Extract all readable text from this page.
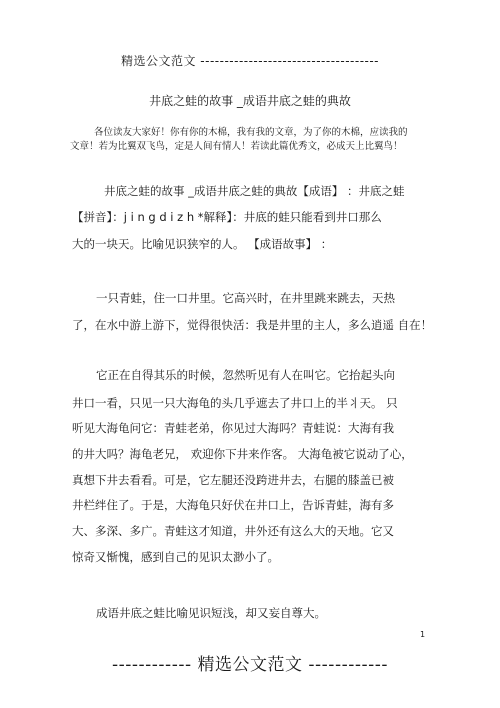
精选公文范文 -------------------------------------
井底之蛙的故事 _成语井底之蛙的典故
各位读友大家好！你有你的木棉，我有我的文章，为了你的木棉，应读我的
文章！若为比翼双飞鸟，定是人间有情人！若读此篇优秀文，必成天上比翼鸟！
井底之蛙的故事 _成语井底之蛙的典故【成语】 ：井底之蛙
【拼音】：j i n g d i z h *解释】：井底的蛙只能看到井口那么
大的一块天。比喻见识狭窄的人。 【成语故事】 ：
一只青蛙，住一口井里。它高兴时，在井里跳来跳去，天热
了，在水中游上游下，觉得很快活：我是井里的主人，多么逍遥 自在！
它正在自得其乐的时候，忽然听见有人在叫它。它抬起头向
井口一看，只见一只大海龟的头几乎遮去了井口上的半丬天。 只
听见大海龟问它：青蛙老弟，你见过大海吗？青蛙说：大海有我
的井大吗？海龟老兄， 欢迎你下井来作客。 大海龟被它说动了心，
真想下井去看看。可是，它左腿还没跨进井去，右腿的膝盖已被
井栏绊住了。于是，大海龟只好伏在井口上，告诉青蛙，海有多
大、多深、多广。青蛙这才知道，井外还有这么大的天地。它又
惊奇又惭愧，感到自己的见识太渺小了。
成语井底之蛙比喻见识短浅，却又妄自尊大。
1
------------ 精选公文范文 ------------
